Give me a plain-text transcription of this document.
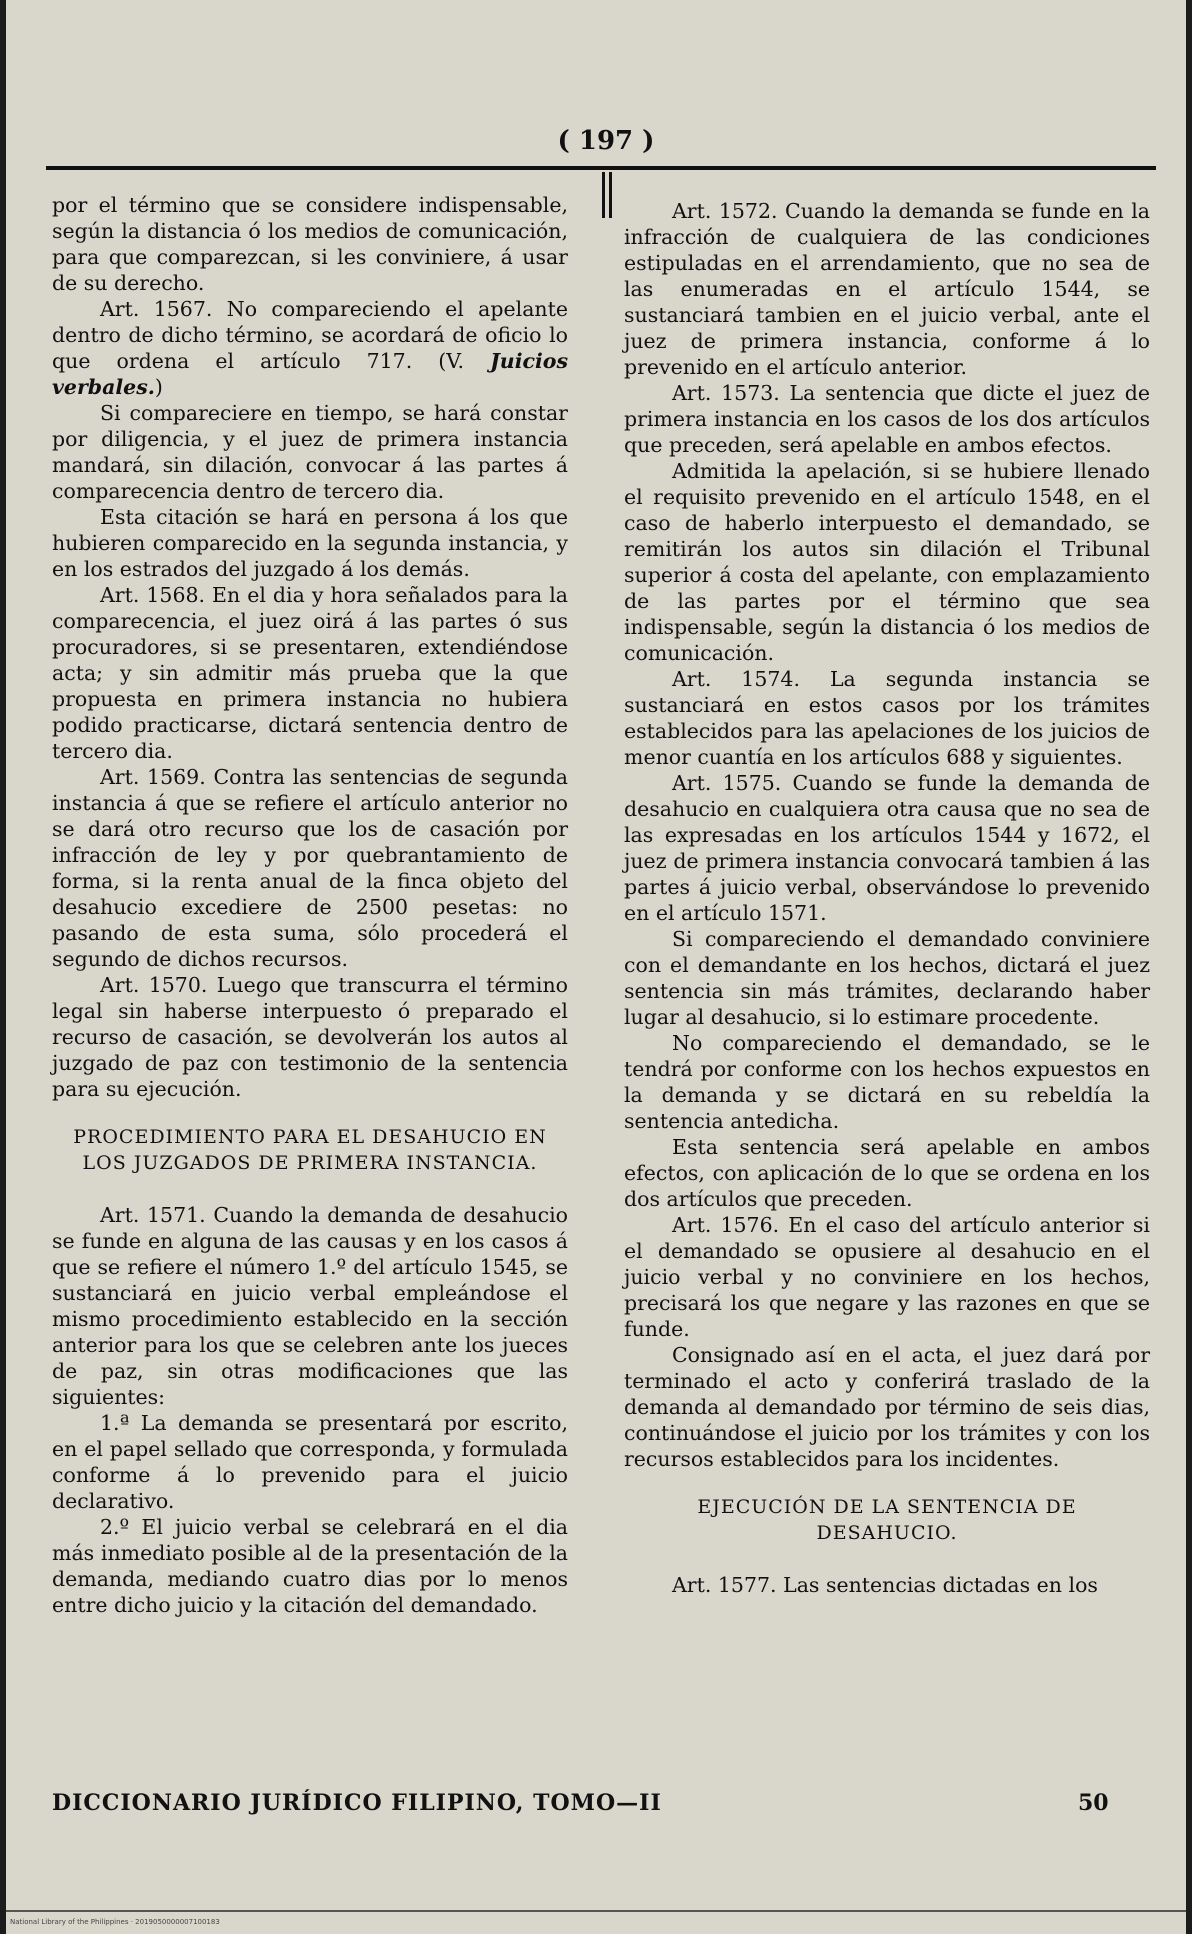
( 197 )

por el término que se considere indispensable, según la distancia ó los medios de comunicación, para que comparezcan, si les conviniere, á usar de su derecho.

Art. 1567. No compareciendo el apelante dentro de dicho término, se acordará de oficio lo que ordena el artículo 717. (V. Juicios verbales.)

Si compareciere en tiempo, se hará constar por diligencia, y el juez de primera instancia mandará, sin dilación, convocar á las partes á comparecencia dentro de tercero dia.

Esta citación se hará en persona á los que hubieren comparecido en la segunda instancia, y en los estrados del juzgado á los demás.

Art. 1568. En el dia y hora señalados para la comparecencia, el juez oirá á las partes ó sus procuradores, si se presentaren, extendiéndose acta; y sin admitir más prueba que la que propuesta en primera instancia no hubiera podido practicarse, dictará sentencia dentro de tercero dia.

Art. 1569. Contra las sentencias de segunda instancia á que se refiere el artículo anterior no se dará otro recurso que los de casación por infracción de ley y por quebrantamiento de forma, si la renta anual de la finca objeto del desahucio excediere de 2500 pesetas: no pasando de esta suma, sólo procederá el segundo de dichos recursos.

Art. 1570. Luego que transcurra el término legal sin haberse interpuesto ó preparado el recurso de casación, se devolverán los autos al juzgado de paz con testimonio de la sentencia para su ejecución.

PROCEDIMIENTO PARA EL DESAHUCIO EN LOS JUZGADOS DE PRIMERA INSTANCIA.

Art. 1571. Cuando la demanda de desahucio se funde en alguna de las causas y en los casos á que se refiere el número 1.º del artículo 1545, se sustanciará en juicio verbal empleándose el mismo procedimiento establecido en la sección anterior para los que se celebren ante los jueces de paz, sin otras modificaciones que las siguientes:

1.ª La demanda se presentará por escrito, en el papel sellado que corresponda, y formulada conforme á lo prevenido para el juicio declarativo.

2.º El juicio verbal se celebrará en el dia más inmediato posible al de la presentación de la demanda, mediando cuatro dias por lo menos entre dicho juicio y la citación del demandado.

Art. 1572. Cuando la demanda se funde en la infracción de cualquiera de las condiciones estipuladas en el arrendamiento, que no sea de las enumeradas en el artículo 1544, se sustanciará tambien en el juicio verbal, ante el juez de primera instancia, conforme á lo prevenido en el artículo anterior.

Art. 1573. La sentencia que dicte el juez de primera instancia en los casos de los dos artículos que preceden, será apelable en ambos efectos.

Admitida la apelación, si se hubiere llenado el requisito prevenido en el artículo 1548, en el caso de haberlo interpuesto el demandado, se remitirán los autos sin dilación el Tribunal superior á costa del apelante, con emplazamiento de las partes por el término que sea indispensable, según la distancia ó los medios de comunicación.

Art. 1574. La segunda instancia se sustanciará en estos casos por los trámites establecidos para las apelaciones de los juicios de menor cuantía en los artículos 688 y siguientes.

Art. 1575. Cuando se funde la demanda de desahucio en cualquiera otra causa que no sea de las expresadas en los artículos 1544 y 1672, el juez de primera instancia convocará tambien á las partes á juicio verbal, observándose lo prevenido en el artículo 1571.

Si compareciendo el demandado conviniere con el demandante en los hechos, dictará el juez sentencia sin más trámites, declarando haber lugar al desahucio, si lo estimare procedente.

No compareciendo el demandado, se le tendrá por conforme con los hechos expuestos en la demanda y se dictará en su rebeldía la sentencia antedicha.

Esta sentencia será apelable en ambos efectos, con aplicación de lo que se ordena en los dos artículos que preceden.

Art. 1576. En el caso del artículo anterior si el demandado se opusiere al desahucio en el juicio verbal y no conviniere en los hechos, precisará los que negare y las razones en que se funde.

Consignado así en el acta, el juez dará por terminado el acto y conferirá traslado de la demanda al demandado por término de seis dias, continuándose el juicio por los trámites y con los recursos establecidos para los incidentes.

EJECUCIÓN DE LA SENTENCIA DE DESAHUCIO.

Art. 1577. Las sentencias dictadas en los

DICCIONARIO JURÍDICO FILIPINO, TOMO—II	50
National Library of the Philippines · 2019050000007100183
